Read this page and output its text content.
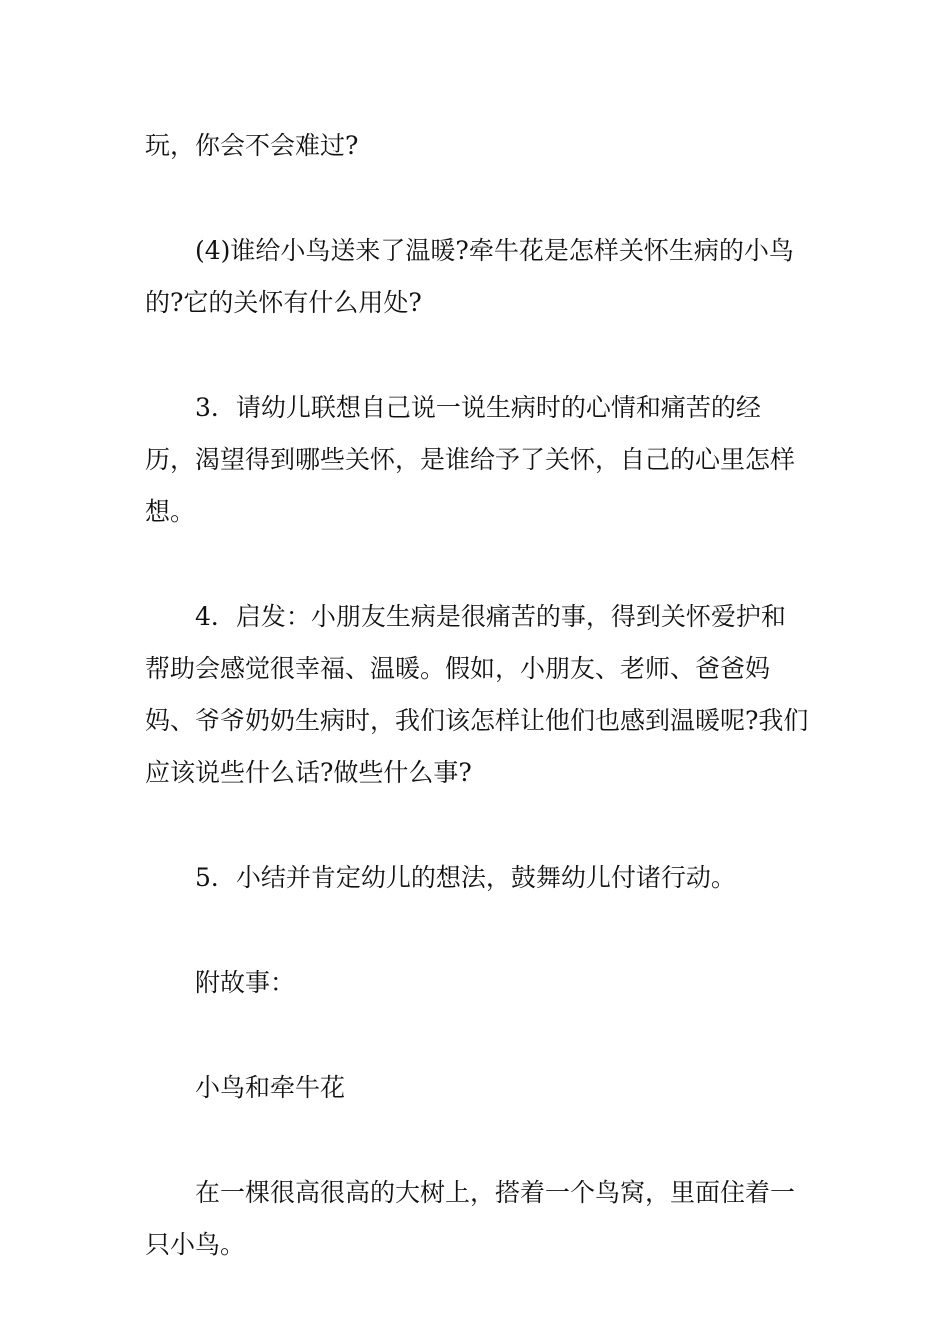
玩，你会不会难过?

(4)谁给小鸟送来了温暖?牵牛花是怎样关怀生病的小鸟的?它的关怀有什么用处?

3．请幼儿联想自己说一说生病时的心情和痛苦的经历，渴望得到哪些关怀，是谁给予了关怀，自己的心里怎样想。

4．启发：小朋友生病是很痛苦的事，得到关怀爱护和帮助会感觉很幸福、温暖。假如，小朋友、老师、爸爸妈妈、爷爷奶奶生病时，我们该怎样让他们也感到温暖呢?我们应该说些什么话?做些什么事?

5．小结并肯定幼儿的想法，鼓舞幼儿付诸行动。

附故事：

小鸟和牵牛花

在一棵很高很高的大树上，搭着一个鸟窝，里面住着一只小鸟。
